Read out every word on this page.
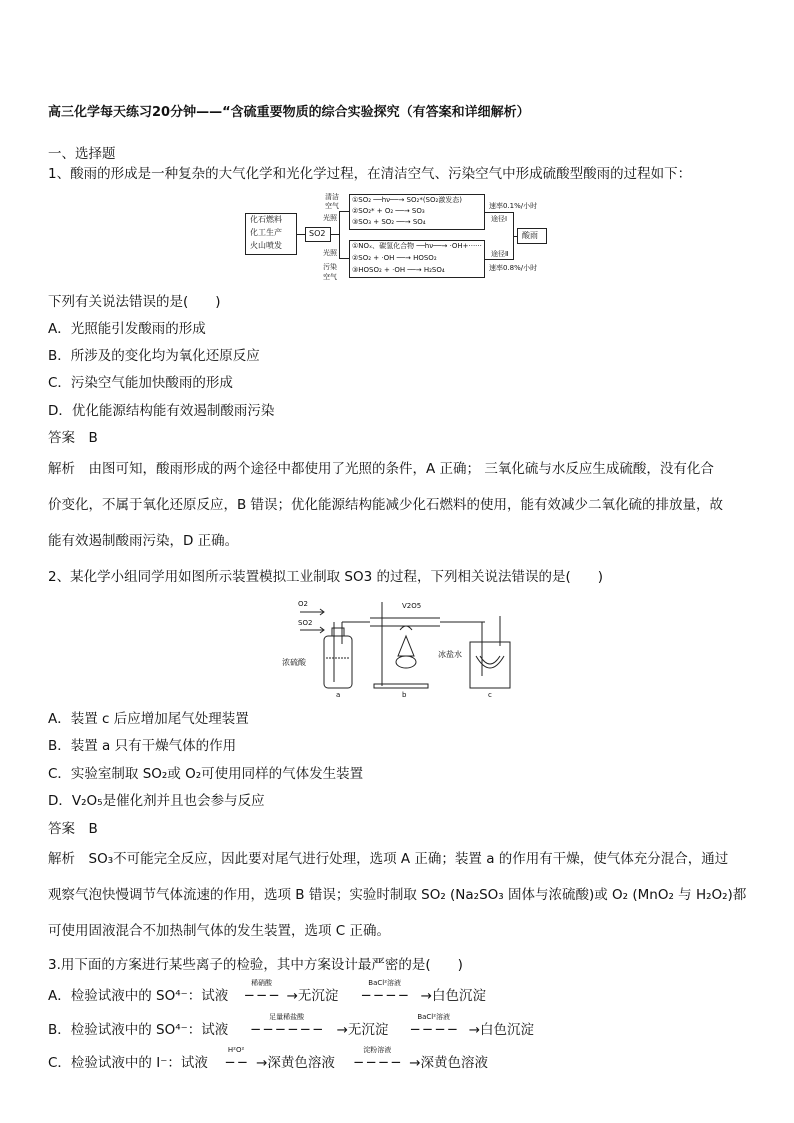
高三化学每天练习20分钟——“含硫重要物质的综合实验探究（有答案和详细解析）
一、选择题
1、酸雨的形成是一种复杂的大气化学和光化学过程，在清洁空气、污染空气中形成硫酸型酸雨的过程如下：
化石燃料
化工生产
火山喷发
SO2
清洁
空气
光照
光照
污染
空气
①SO₂ ──hν──→ SO₂*(SO₂激发态)
②SO₂* + O₂ ──→ SO₃
③SO₃ + SO₂ ──→ SO₄
①NOₓ、碳氢化合物 ──hν──→ ·OH+······
②SO₂ + ·OH ──→ HOSO₂
③HOSO₂ + ·OH ──→ H₂SO₄
速率0.1%/小时
途径Ⅰ
途径Ⅱ
速率0.8%/小时
酸雨
下列有关说法错误的是(　　)
A．光照能引发酸雨的形成
B．所涉及的变化均为氧化还原反应
C．污染空气能加快酸雨的形成
D．优化能源结构能有效遏制酸雨污染
答案　B
解析　由图可知，酸雨形成的两个途径中都使用了光照的条件，A 正确； 三氧化硫与水反应生成硫酸，没有化合
价变化，不属于氧化还原反应，B 错误；优化能源结构能减少化石燃料的使用，能有效减少二氧化硫的排放量，故
能有效遏制酸雨污染，D 正确。
2、某化学小组同学用如图所示装置模拟工业制取 SO3 的过程，下列相关说法错误的是(　　)
O2
SO2
V2O5
浓硫酸
冰盐水
a	b	c
A．装置 c 后应增加尾气处理装置
B．装置 a 只有干燥气体的作用
C．实验室制取 SO₂或 O₂可使用同样的气体发生装置
D．V₂O₅是催化剂并且也会参与反应
答案　B
解析　SO₃不可能完全反应，因此要对尾气进行处理，选项 A 正确；装置 a 的作用有干燥，使气体充分混合，通过
观察气泡快慢调节气体流速的作用，选项 B 错误；实验时制取 SO₂ (Na₂SO₃ 固体与浓硫酸)或 O₂ (MnO₂ 与 H₂O₂)都
可使用固液混合不加热制气体的发生装置，选项 C 正确。
3.用下面的方案进行某些离子的检验，其中方案设计最严密的是(　　)
A．检验试液中的 SO⁴⁻：试液
稀硝酸
─ ─ ─ →无沉淀
BaCl²溶液
─ ─ ─ ─ →白色沉淀
B．检验试液中的 SO⁴⁻：试液
足量稀盐酸
─ ─ ─ ─ ─ ─ →无沉淀
BaCl²溶液
─ ─ ─ ─ →白色沉淀
C．检验试液中的 I⁻：试液
H²O²
─ ─ →深黄色溶液
淀粉溶液
─ ─ ─ ─ →深黄色溶液
